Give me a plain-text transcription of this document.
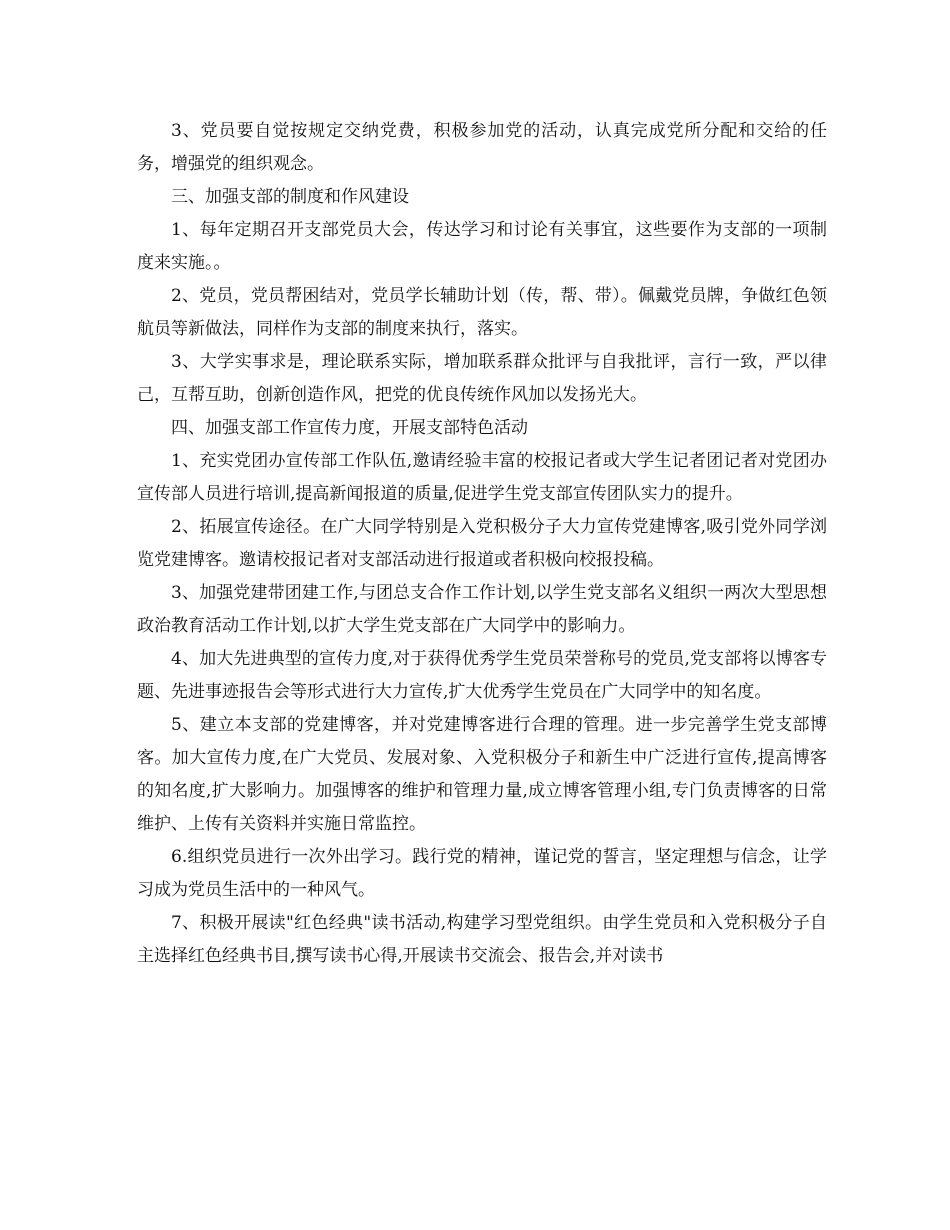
3、党员要自觉按规定交纳党费，积极参加党的活动，认真完成党所分配和交给的任务，增强党的组织观念。

三、加强支部的制度和作风建设

1、每年定期召开支部党员大会，传达学习和讨论有关事宜，这些要作为支部的一项制度来实施。。

2、党员，党员帮困结对，党员学长辅助计划（传，帮、带）。佩戴党员牌，争做红色领航员等新做法，同样作为支部的制度来执行，落实。

3、大学实事求是，理论联系实际，增加联系群众批评与自我批评，言行一致，严以律己，互帮互助，创新创造作风，把党的优良传统作风加以发扬光大。

四、加强支部工作宣传力度，开展支部特色活动

1、充实党团办宣传部工作队伍,邀请经验丰富的校报记者或大学生记者团记者对党团办宣传部人员进行培训,提高新闻报道的质量,促进学生党支部宣传团队实力的提升。

2、拓展宣传途径。在广大同学特别是入党积极分子大力宣传党建博客,吸引党外同学浏览党建博客。邀请校报记者对支部活动进行报道或者积极向校报投稿。

3、加强党建带团建工作,与团总支合作工作计划,以学生党支部名义组织一两次大型思想政治教育活动工作计划,以扩大学生党支部在广大同学中的影响力。

4、加大先进典型的宣传力度,对于获得优秀学生党员荣誉称号的党员,党支部将以博客专题、先进事迹报告会等形式进行大力宣传,扩大优秀学生党员在广大同学中的知名度。

5、建立本支部的党建博客，并对党建博客进行合理的管理。进一步完善学生党支部博客。加大宣传力度,在广大党员、发展对象、入党积极分子和新生中广泛进行宣传,提高博客的知名度,扩大影响力。加强博客的维护和管理力量,成立博客管理小组,专门负责博客的日常维护、上传有关资料并实施日常监控。

6.组织党员进行一次外出学习。践行党的精神，谨记党的誓言，坚定理想与信念，让学习成为党员生活中的一种风气。

7、积极开展读"红色经典"读书活动,构建学习型党组织。由学生党员和入党积极分子自主选择红色经典书目,撰写读书心得,开展读书交流会、报告会,并对读书
